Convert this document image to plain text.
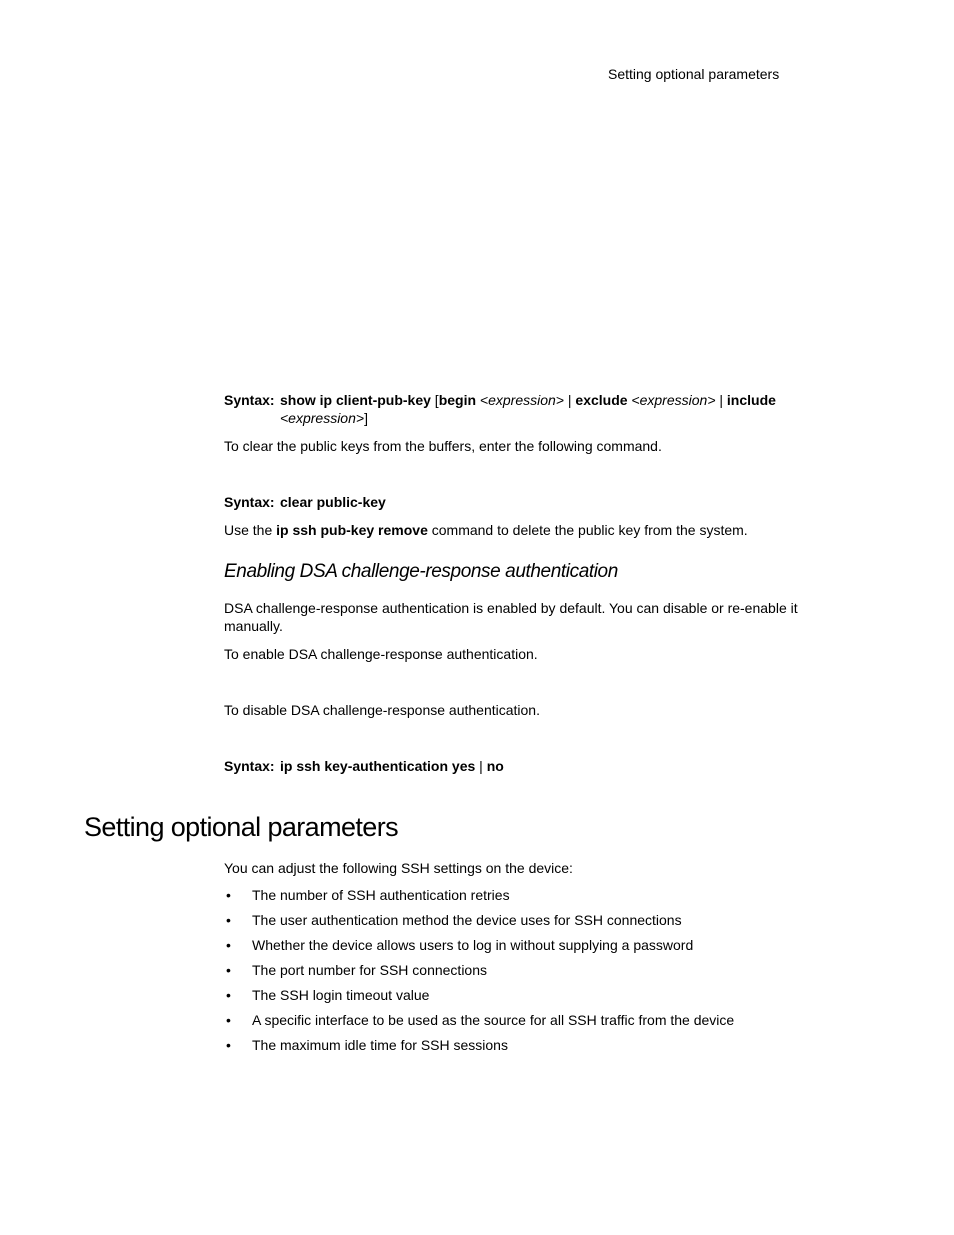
Setting optional parameters
Syntax: show ip client-pub-key [begin <expression> | exclude <expression> | include
<expression>]

To clear the public keys from the buffers, enter the following command.

Syntax: clear public-key

Use the ip ssh pub-key remove command to delete the public key from the system.

Enabling DSA challenge-response authentication

DSA challenge-response authentication is enabled by default. You can disable or re-enable it manually.

To enable DSA challenge-response authentication.

To disable DSA challenge-response authentication.

Syntax: ip ssh key-authentication yes | no
Setting optional parameters

You can adjust the following SSH settings on the device:

• The number of SSH authentication retries
• The user authentication method the device uses for SSH connections
• Whether the device allows users to log in without supplying a password
• The port number for SSH connections
• The SSH login timeout value
• A specific interface to be used as the source for all SSH traffic from the device
• The maximum idle time for SSH sessions
